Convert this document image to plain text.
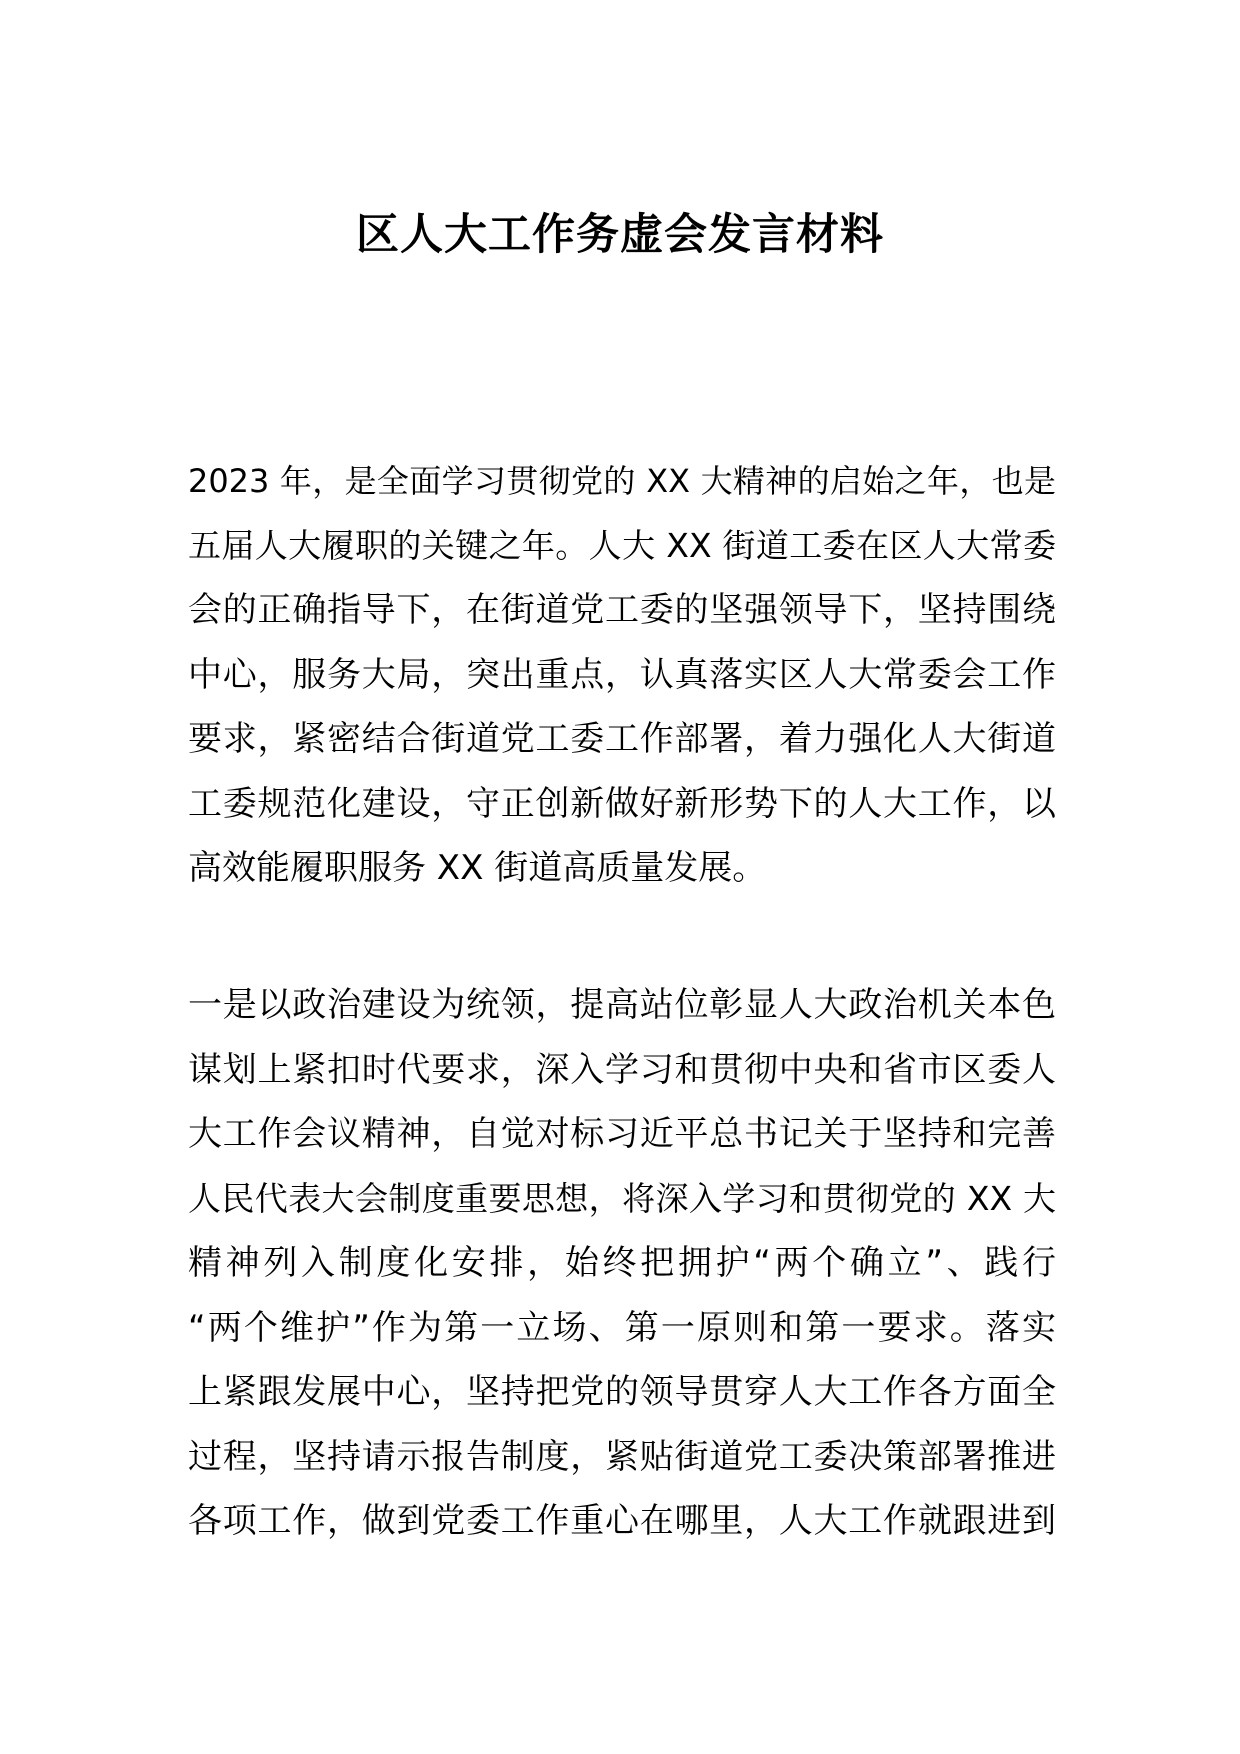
区人大工作务虚会发言材料
2023 年，是全面学习贯彻党的 XX 大精神的启始之年，也是
五届人大履职的关键之年。人大 XX 街道工委在区人大常委
会的正确指导下，在街道党工委的坚强领导下，坚持围绕
中心，服务大局，突出重点，认真落实区人大常委会工作
要求，紧密结合街道党工委工作部署，着力强化人大街道
工委规范化建设，守正创新做好新形势下的人大工作，以
高效能履职服务 XX 街道高质量发展。
一是以政治建设为统领，提高站位彰显人大政治机关本色
谋划上紧扣时代要求，深入学习和贯彻中央和省市区委人
大工作会议精神，自觉对标习近平总书记关于坚持和完善
人民代表大会制度重要思想，将深入学习和贯彻党的 XX 大
精神列入制度化安排，始终把拥护“两个确立”、践行
“两个维护”作为第一立场、第一原则和第一要求。落实
上紧跟发展中心，坚持把党的领导贯穿人大工作各方面全
过程，坚持请示报告制度，紧贴街道党工委决策部署推进
各项工作，做到党委工作重心在哪里，人大工作就跟进到
